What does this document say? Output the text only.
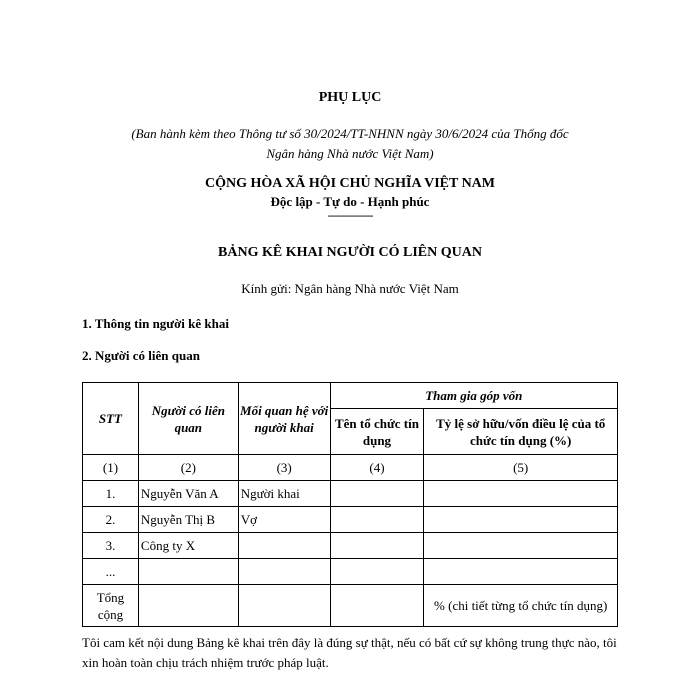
PHỤ LỤC
(Ban hành kèm theo Thông tư số 30/2024/TT-NHNN ngày 30/6/2024 của Thống đốc
Ngân hàng Nhà nước Việt Nam)
CỘNG HÒA XÃ HỘI CHỦ NGHĨA VIỆT NAM
Độc lập - Tự do - Hạnh phúc
---------------
BẢNG KÊ KHAI NGƯỜI CÓ LIÊN QUAN
Kính gửi: Ngân hàng Nhà nước Việt Nam
1. Thông tin người kê khai
2. Người có liên quan
STT	Người có liên quan	Mối quan hệ với người khai	Tham gia góp vốn	
			Tên tổ chức tín dụng	Tỷ lệ sở hữu/vốn điều lệ của tổ chức tín dụng (%)
(1)	(2)	(3)	(4)	(5)
1.	Nguyễn Văn A	Người khai		
2.	Nguyễn Thị B	Vợ		
3.	Công ty X			
...				
Tổng cộng				% (chi tiết từng tổ chức tín dụng)
Tôi cam kết nội dung Bảng kê khai trên đây là đúng sự thật, nếu có bất cứ sự không trung thực nào, tôi xin hoàn toàn chịu trách nhiệm trước pháp luật.
